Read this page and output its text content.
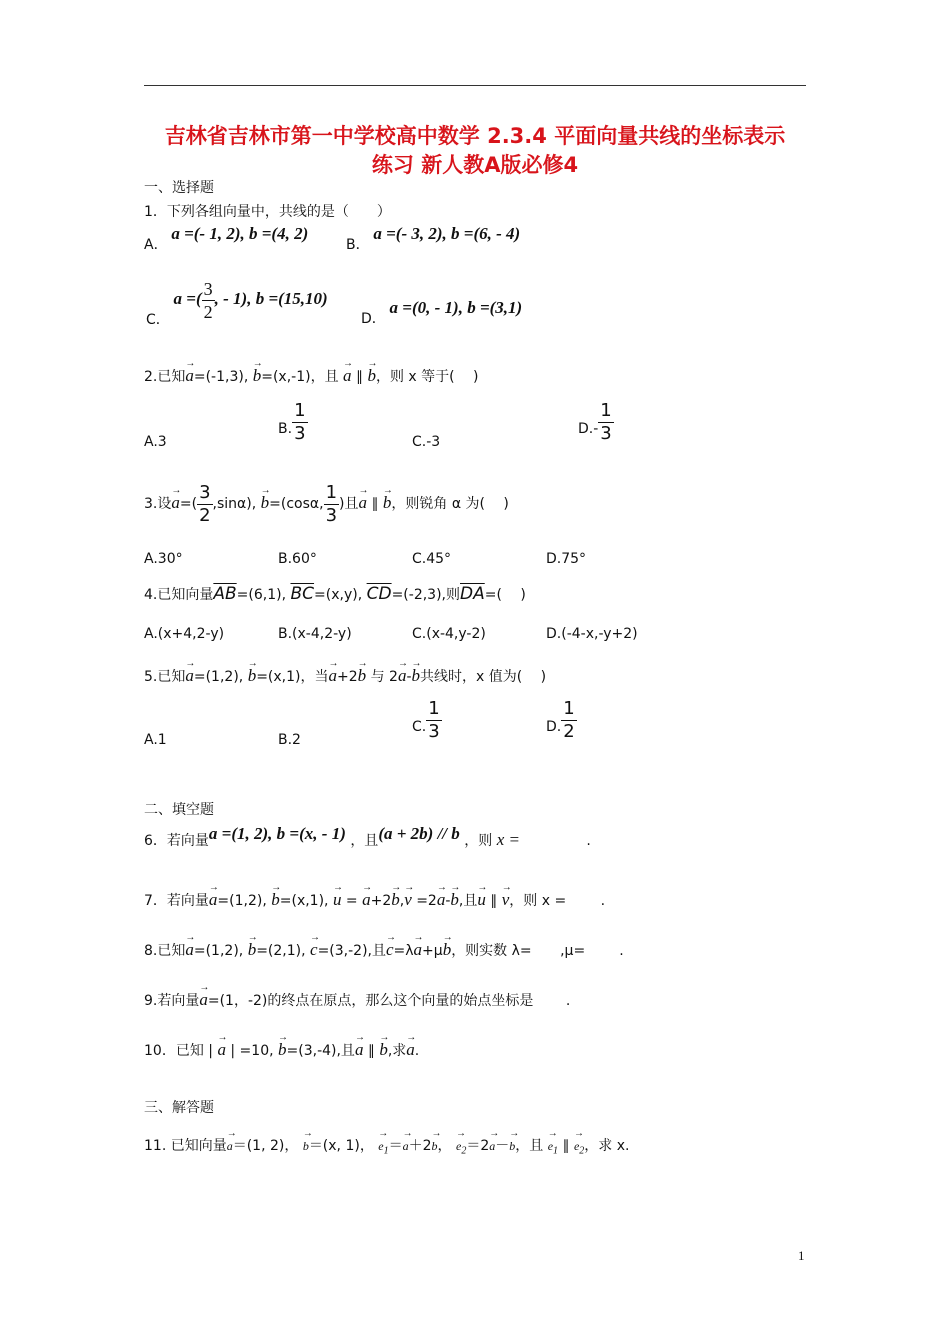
吉林省吉林市第一中学校高中数学 2.3.4 平面向量共线的坐标表示
练习 新人教A版必修4
一、选择题
1．下列各组向量中，共线的是（　　）
A． a =(- 1, 2), b =(4, 2)
B． a =(- 3, 2), b =(6, - 4)
C． a =( $\frac{3}{2}$ , - 1), b =(15,10)
D． a =(0, - 1), b =(3,1)
2.已知→ a=(-1,3), → b=(x,-1)，且 → a ∥ → b，则 x 等于(　 )
A.3
B. $\frac{1}{3}$	C.-3
$D.- \frac{1}{3}$
3.设→ $a=( \frac{3}{2} ,\sin\alpha)$, → b=(cosα, $\frac{1}{3}$ )且→ a ∥ → b，则锐角 α 为(　 )
A.30°	B.60°	C.45°	D.75°
4.已知向量$\overline{AB}=(6,1)$, $\overline{BC}=(x,y)$, $\overline{CD}=(-2,3)$,则$\overline{DA}=$(　 )
A.(x+4,2-y)	B.(x-4,2-y)	C.(x-4,y-2)	D.(-4-x,-y+2)
5.已知→ a=(1,2), → b=(x,1)，当→ a+2→ b 与 2→ a-→ b共线时，x 值为(　 )
A.1	B.2
C. $\frac{1}{3}$	D. $\frac{1}{2}$
二、填空题
6．若向量a =(1, 2), b =(x, - 1) ，且(a + 2b) // b ，则 x =	.
7．若向量→ a=(1,2), → b=(x,1), → u = → a+2→ b,→ v =2→ a-→ b,且→ u ∥ → v，则 x = .
8.已知→ a=(1,2), → b=(2,1), → c=(3,-2),且→ c=λ→ a+μ→ b，则实数 λ= ,μ= .
9.若向量→ a=(1，-2)的终点在原点，那么这个向量的始点坐标是 .
10．已知 | → a | =10, → b=(3,-4),且→ a ∥ → b,求→ a.
三、解答题
11. 已知向量→ a＝(1, 2)， → b＝(x, 1)， → $e_1=\to a+2\to b$， → $e_2=2\to a-\to b$，且 → $e_1$ ∥ → $e_2$，求 x.
1
